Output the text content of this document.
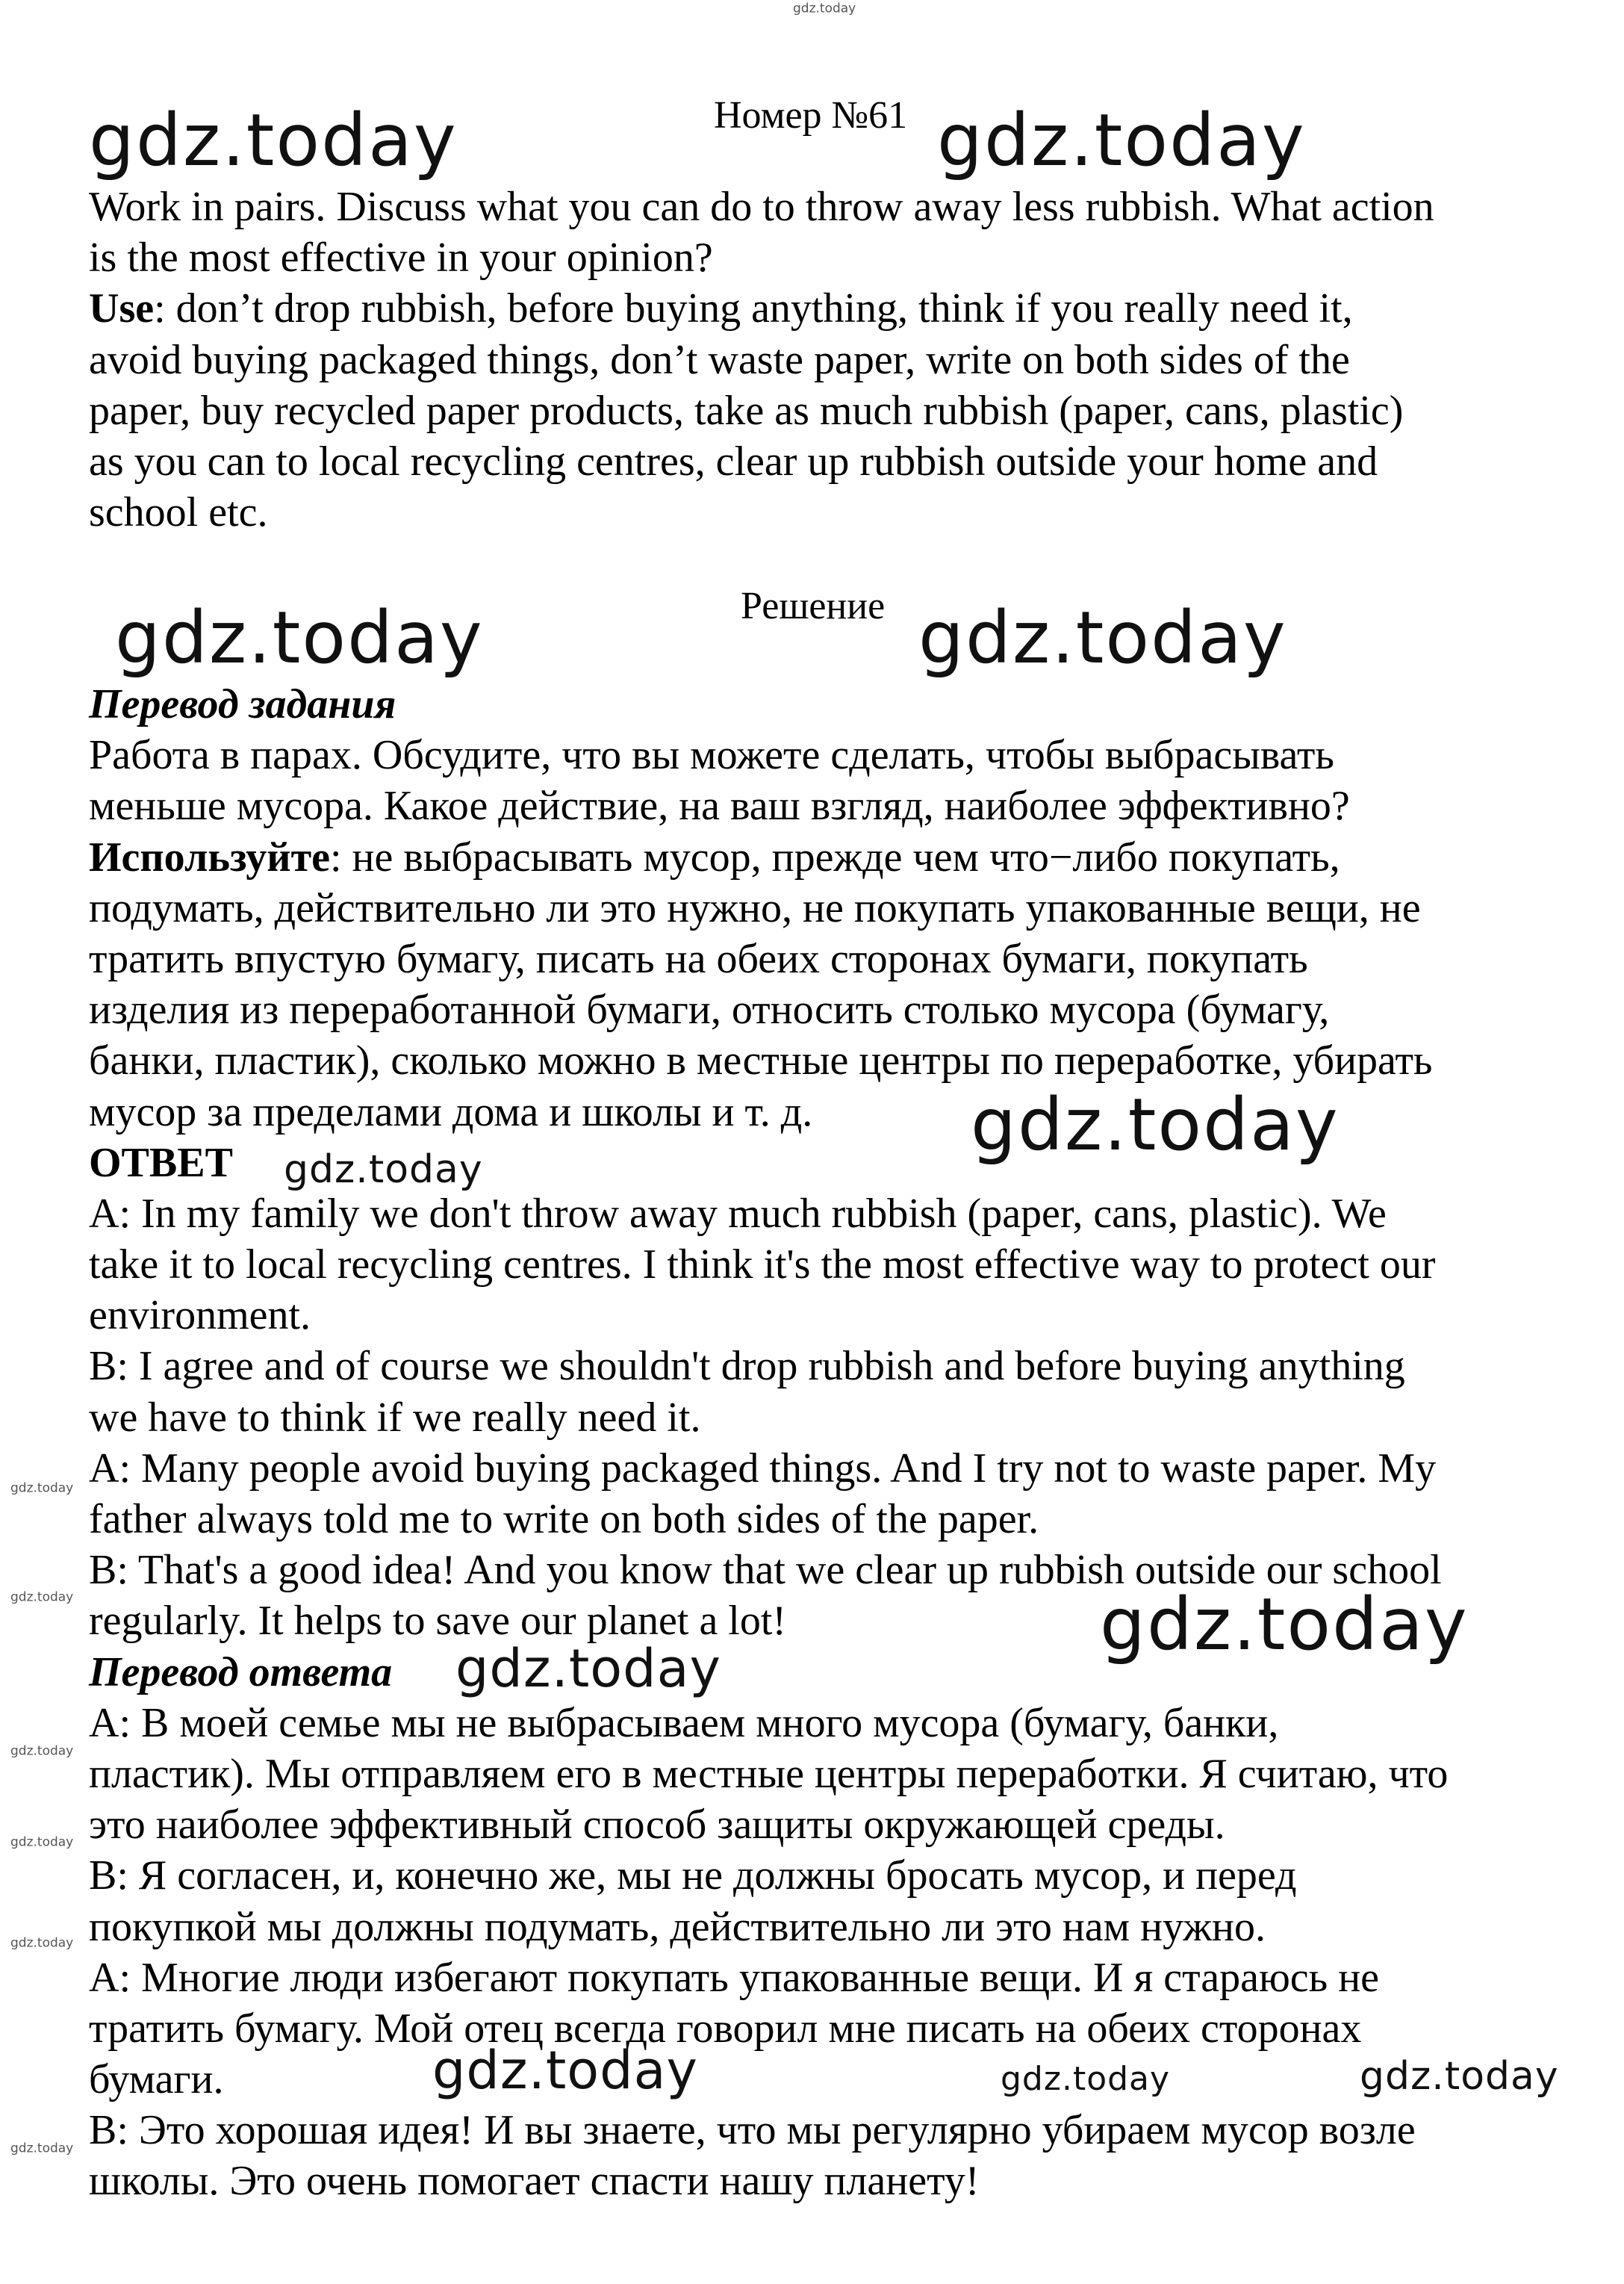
Номер №61
Work in pairs. Discuss what you can do to throw away less rubbish. What action
is the most effective in your opinion?
Use: don’t drop rubbish, before buying anything, think if you really need it,
avoid buying packaged things, don’t waste paper, write on both sides of the
paper, buy recycled paper products, take as much rubbish (paper, cans, plastic)
as you can to local recycling centres, clear up rubbish outside your home and
school etc.
Решение
Перевод задания
Работа в парах. Обсудите, что вы можете сделать, чтобы выбрасывать
меньше мусора. Какое действие, на ваш взгляд, наиболее эффективно?
Используйте: не выбрасывать мусор, прежде чем что−либо покупать,
подумать, действительно ли это нужно, не покупать упакованные вещи, не
тратить впустую бумагу, писать на обеих сторонах бумаги, покупать
изделия из переработанной бумаги, относить столько мусора (бумагу,
банки, пластик), сколько можно в местные центры по переработке, убирать
мусор за пределами дома и школы и т. д.
ОТВЕТ
A: In my family we don't throw away much rubbish (paper, cans, plastic). We
take it to local recycling centres. I think it's the most effective way to protect our
environment.
B: I agree and of course we shouldn't drop rubbish and before buying anything
we have to think if we really need it.
A: Many people avoid buying packaged things. And I try not to waste paper. My
father always told me to write on both sides of the paper.
B: That's a good idea! And you know that we clear up rubbish outside our school
regularly. It helps to save our planet a lot!
Перевод ответа
A: В моей семье мы не выбрасываем много мусора (бумагу, банки,
пластик). Мы отправляем его в местные центры переработки. Я считаю, что
это наиболее эффективный способ защиты окружающей среды.
B: Я согласен, и, конечно же, мы не должны бросать мусор, и перед
покупкой мы должны подумать, действительно ли это нам нужно.
A: Многие люди избегают покупать упакованные вещи. И я стараюсь не
тратить бумагу. Мой отец всегда говорил мне писать на обеих сторонах
бумаги.
B: Это хорошая идея! И вы знаете, что мы регулярно убираем мусор возле
школы. Это очень помогает спасти нашу планету!
gdz.today
gdz.today	gdz.today
gdz.today	gdz.today
gdz.today
gdz.today
gdz.today
gdz.today
gdz.today	gdz.today	gdz.today
gdz.today
gdz.today
gdz.today
gdz.today
gdz.today
gdz.today
